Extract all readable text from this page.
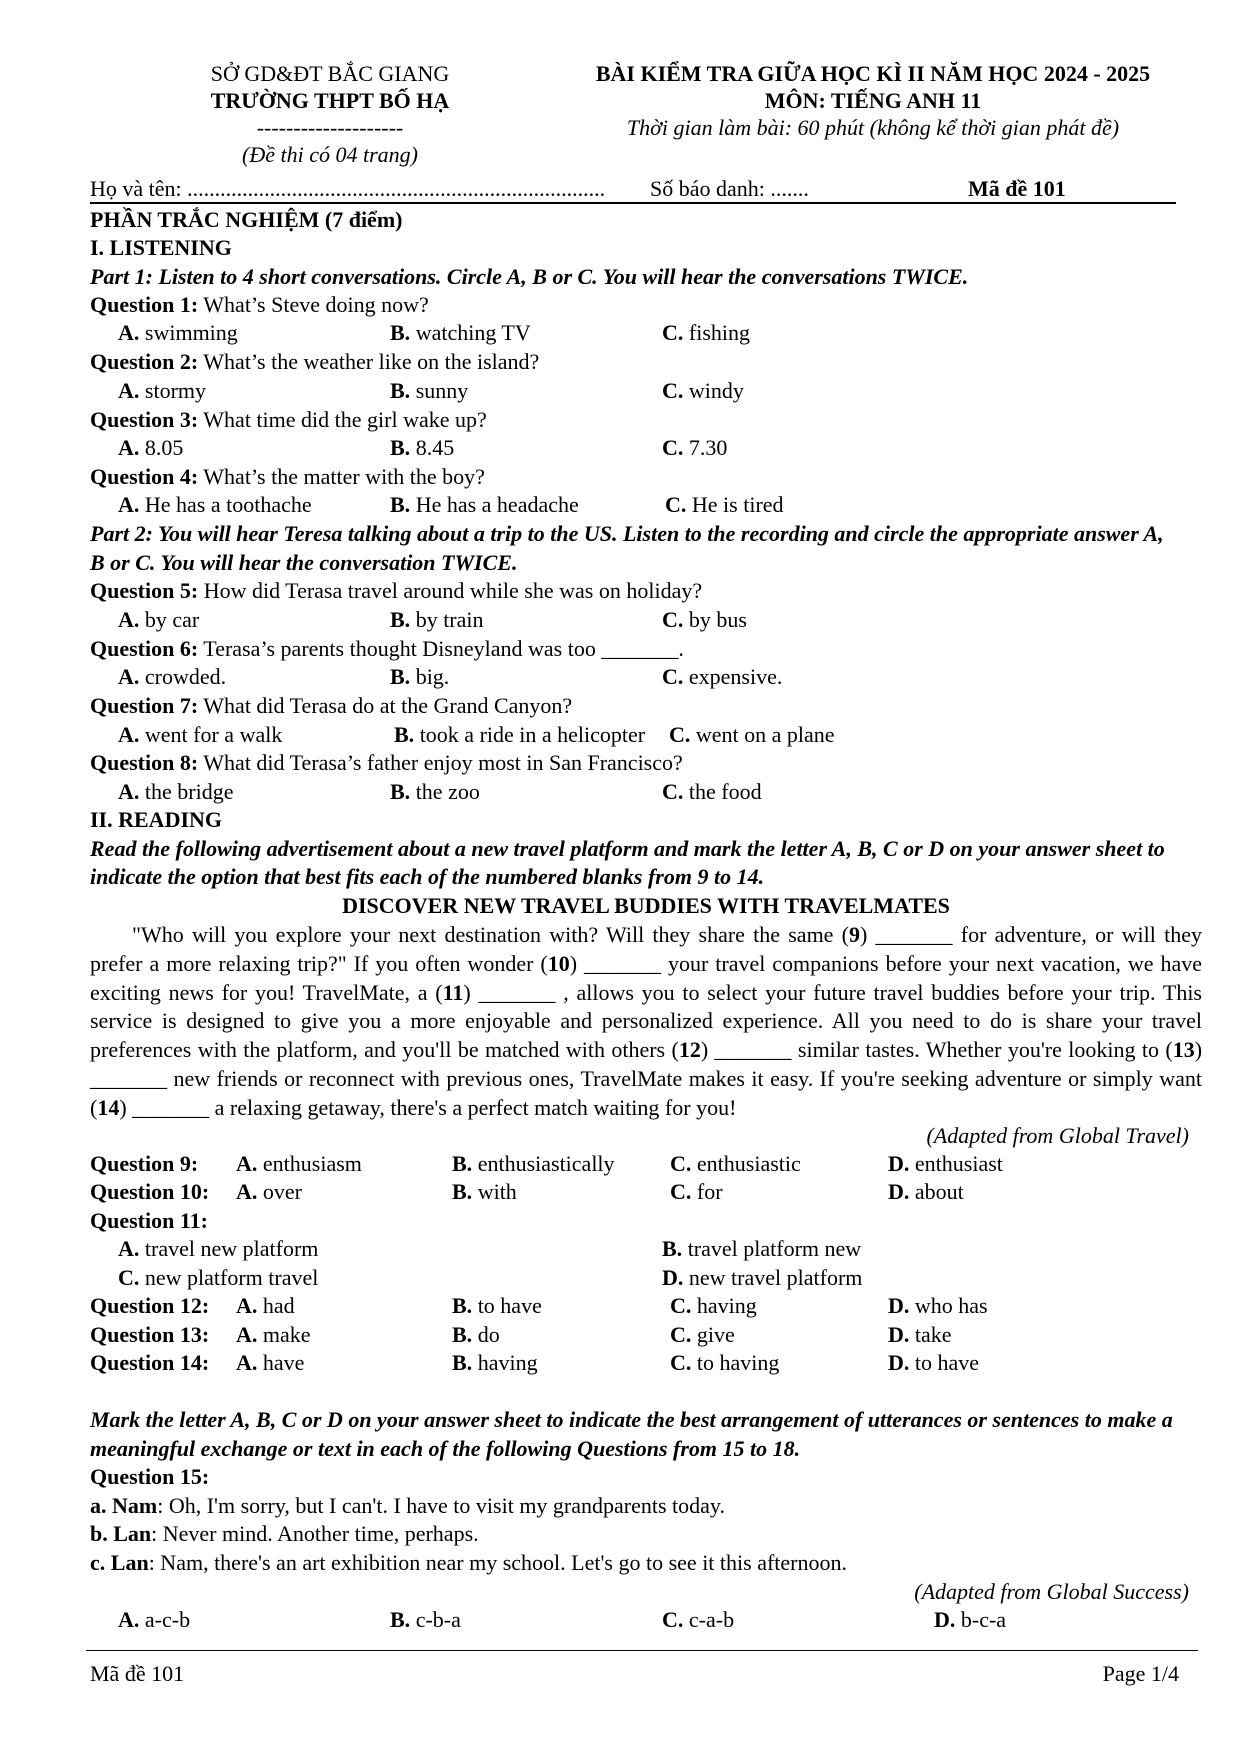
SỞ GD&ĐT BẮC GIANG
TRƯỜNG THPT BỐ HẠ
--------------------
(Đề thi có 04 trang)
BÀI KIỂM TRA GIỮA HỌC KÌ II NĂM HỌC 2024 - 2025
MÔN: TIẾNG ANH 11
Thời gian làm bài: 60 phút (không kể thời gian phát đề)
Họ và tên: ............................................................................ Số báo danh: .......	Mã đề 101
PHẦN TRẮC NGHIỆM (7 điểm)
I. LISTENING
Part 1: Listen to 4 short conversations. Circle A, B or C. You will hear the conversations TWICE.
Question 1: What’s Steve doing now?
A. swimming	B. watching TV	C. fishing
Question 2: What’s the weather like on the island?
A. stormy	B. sunny	C. windy
Question 3: What time did the girl wake up?
A. 8.05	B. 8.45	C. 7.30
Question 4: What’s the matter with the boy?
A. He has a toothache	B. He has a headache	C. He is tired
Part 2: You will hear Teresa talking about a trip to the US. Listen to the recording and circle the appropriate answer A,
B or C. You will hear the conversation TWICE.
Question 5: How did Terasa travel around while she was on holiday?
A. by car	B. by train	C. by bus
Question 6: Terasa’s parents thought Disneyland was too _______.
A. crowded.	B. big.	C. expensive.
Question 7: What did Terasa do at the Grand Canyon?
A. went for a walk	B. took a ride in a helicopter C. went on a plane
Question 8: What did Terasa’s father enjoy most in San Francisco?
A. the bridge	B. the zoo	C. the food
II. READING
Read the following advertisement about a new travel platform and mark the letter A, B, C or D on your answer sheet to
indicate the option that best fits each of the numbered blanks from 9 to 14.
DISCOVER NEW TRAVEL BUDDIES WITH TRAVELMATES
"Who will you explore your next destination with? Will they share the same (9) _______ for adventure, or will they prefer a more relaxing trip?" If you often wonder (10) _______ your travel companions before your next vacation, we have exciting news for you! TravelMate, a (11) _______ , allows you to select your future travel buddies before your trip. This service is designed to give you a more enjoyable and personalized experience. All you need to do is share your travel preferences with the platform, and you'll be matched with others (12) _______ similar tastes. Whether you're looking to (13) _______ new friends or reconnect with previous ones, TravelMate makes it easy. If you're seeking adventure or simply want (14) _______ a relaxing getaway, there's a perfect match waiting for you!
(Adapted from Global Travel)
Question 9: A. enthusiasm	B. enthusiastically	C. enthusiastic	D. enthusiast
Question 10: A. over	B. with	C. for	D. about
Question 11:
A. travel new platform	B. travel platform new
C. new platform travel	D. new travel platform
Question 12: A. had	B. to have	C. having	D. who has
Question 13: A. make	B. do	C. give	D. take
Question 14: A. have	B. having	C. to having	D. to have
Mark the letter A, B, C or D on your answer sheet to indicate the best arrangement of utterances or sentences to make a
meaningful exchange or text in each of the following Questions from 15 to 18.
Question 15:
a. Nam: Oh, I'm sorry, but I can't. I have to visit my grandparents today.
b. Lan: Never mind. Another time, perhaps.
c. Lan: Nam, there's an art exhibition near my school. Let's go to see it this afternoon.
(Adapted from Global Success)
A. a-c-b	B. c-b-a	C. c-a-b	D. b-c-a
Mã đề 101	Page 1/4
